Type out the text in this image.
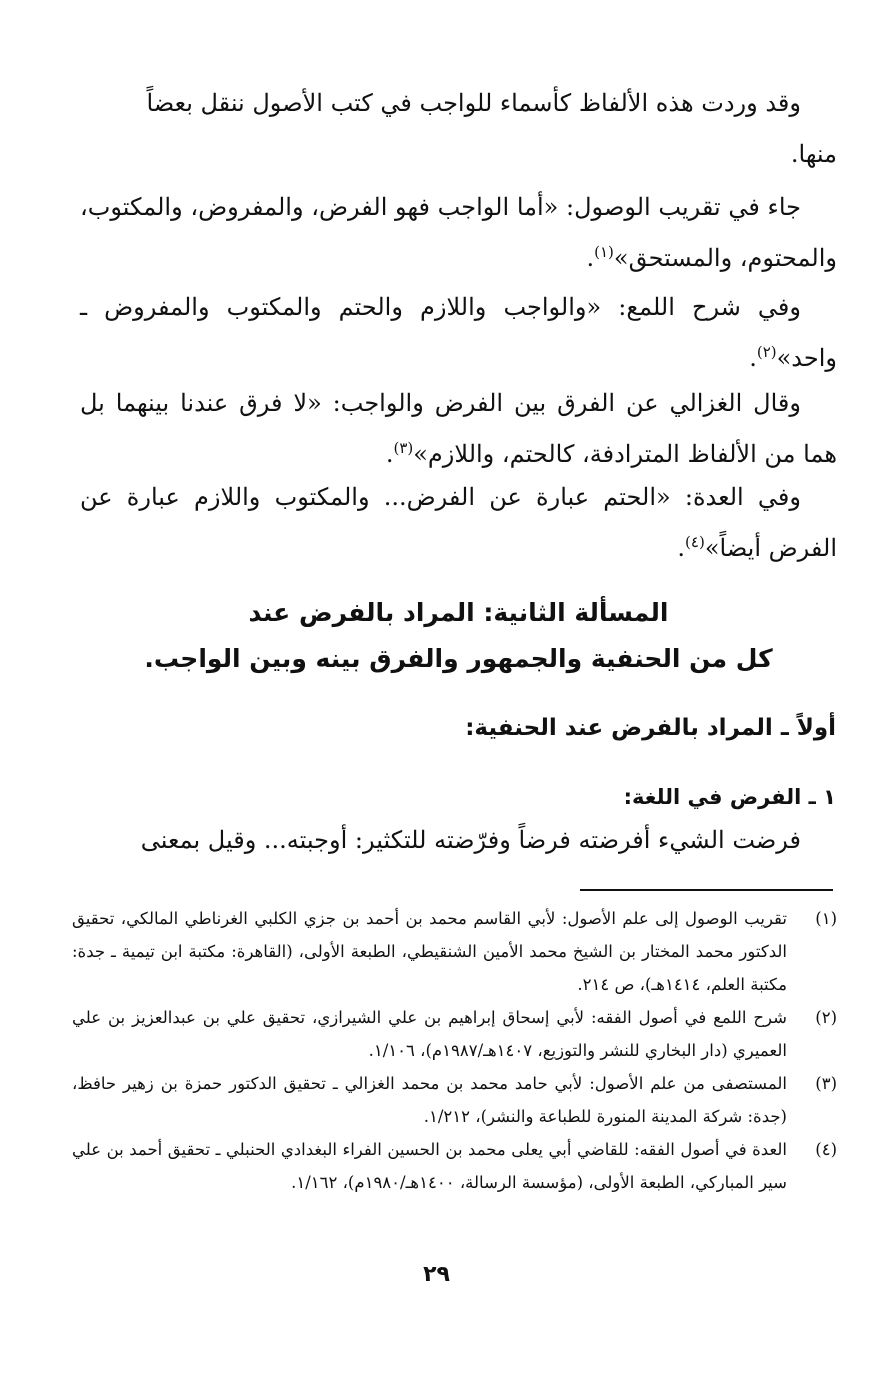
وقد وردت هذه الألفاظ كأسماء للواجب في كتب الأصول ننقل بعضاً
منها.

جاء في تقريب الوصول: «أما الواجب فهو الفرض، والمفروض، والمكتوب، والمحتوم، والمستحق»$^{(١)}$.

وفي شرح اللمع: «والواجب واللازم والحتم والمكتوب والمفروض ـ واحد»$^{(٢)}$.

وقال الغزالي عن الفرق بين الفرض والواجب: «لا فرق عندنا بينهما بل هما من الألفاظ المترادفة، كالحتم، واللازم»$^{(٣)}$.

وفي العدة: «الحتم عبارة عن الفرض... والمكتوب واللازم عبارة عن الفرض أيضاً»$^{(٤)}$.

المسألة الثانية: المراد بالفرض عند
كل من الحنفية والجمهور والفرق بينه وبين الواجب.
أولاً ـ المراد بالفرض عند الحنفية:
١ ـ الفرض في اللغة:

فرضت الشيء أفرضته فرضاً وفرّضته للتكثير: أوجبته... وقيل بمعنى

(١)
تقريب الوصول إلى علم الأصول: لأبي القاسم محمد بن أحمد بن جزي الكلبي الغرناطي المالكي، تحقيق الدكتور محمد المختار بن الشيخ محمد الأمين الشنقيطي، الطبعة الأولى، (القاهرة: مكتبة ابن تيمية ـ جدة: مكتبة العلم، ١٤١٤هـ)، ص ٢١٤.
(٢)
شرح اللمع في أصول الفقه: لأبي إسحاق إبراهيم بن علي الشيرازي، تحقيق علي بن عبدالعزيز بن علي العميري (دار البخاري للنشر والتوزيع، ١٤٠٧هـ/١٩٨٧م)، ١/١٠٦.
(٣)
المستصفى من علم الأصول: لأبي حامد محمد بن محمد الغزالي ـ تحقيق الدكتور حمزة بن زهير حافظ، (جدة: شركة المدينة المنورة للطباعة والنشر)، ١/٢١٢.
(٤)
العدة في أصول الفقه: للقاضي أبي يعلى محمد بن الحسين الفراء البغدادي الحنبلي ـ تحقيق أحمد بن علي سير المباركي، الطبعة الأولى، (مؤسسة الرسالة، ١٤٠٠هـ/١٩٨٠م)، ١/١٦٢.
٢٩
